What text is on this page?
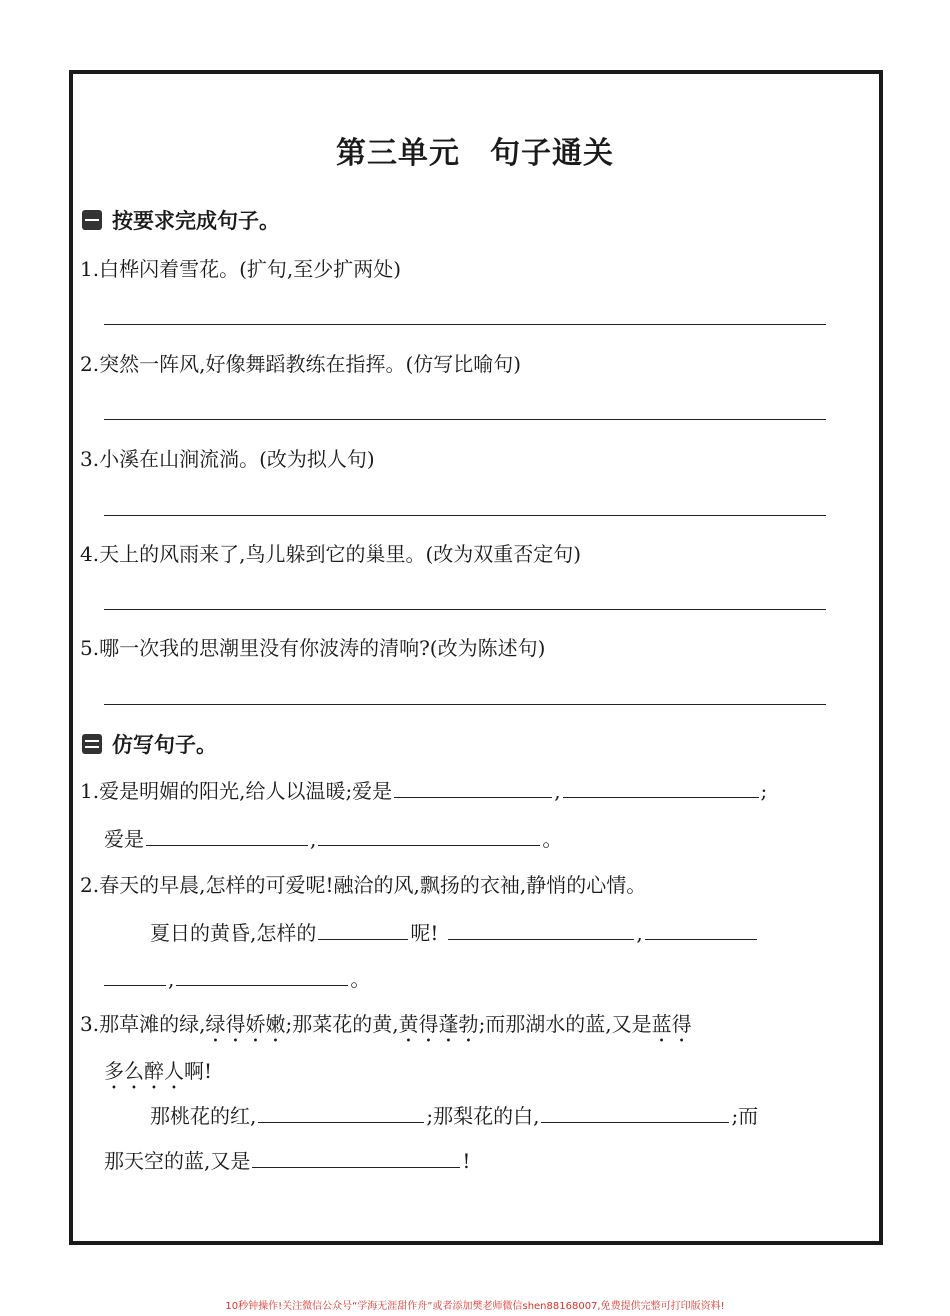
第三单元 句子通关
按要求完成句子。
1.白桦闪着雪花。(扩句,至少扩两处)
2.突然一阵风,好像舞蹈教练在指挥。(仿写比喻句)
3.小溪在山涧流淌。(改为拟人句)
4.天上的风雨来了,鸟儿躲到它的巢里。(改为双重否定句)
5.哪一次我的思潮里没有你波涛的清响?(改为陈述句)
仿写句子。
1.爱是明媚的阳光,给人以温暖;爱是	,	;
爱是	,	。
2.春天的早晨,怎样的可爱呢!融洽的风,飘扬的衣袖,静悄的心情。
夏日的黄昏,怎样的	呢!	,
,	。
3.那草滩的绿,绿得娇嫩;那菜花的黄,黄得蓬勃;而那湖水的蓝,又是蓝得
多么醉人啊!
那桃花的红,	;那梨花的白,	;而
那天空的蓝,又是	!
10秒钟操作!关注微信公众号“学海无涯甜作舟”或者添加樊老师微信shen88168007,免费提供完整可打印版资料!
